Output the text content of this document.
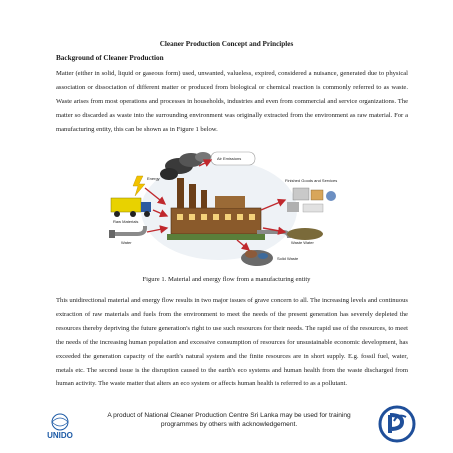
Cleaner Production Concept and Principles
Background of Cleaner Production

Matter (either in solid, liquid or gaseous form) used, unwanted, valueless, expired, considered a nuisance, generated due to physical association or dissociation of different matter or produced from biological or chemical reaction is commonly referred to as waste. Waste arises from most operations and processes in households, industries and even from commercial and service organizations. The matter so discarded as waste into the surrounding environment was originally extracted from the environment as raw material. For a manufacturing entity, this can be shown as in Figure 1 below.

Air Emissions
Energy
Raw Materials
Water
Finished Goods and Services
Waste Water
Solid Waste
Figure 1. Material and energy flow from a manufacturing entity

This unidirectional material and energy flow results in two major issues of grave concern to all. The increasing levels and continuous extraction of raw materials and fuels from the environment to meet the needs of the present generation has severely depleted the resources thereby depriving the future generation's right to use such resources for their needs. The rapid use of the resources, to meet the needs of the increasing human population and excessive consumption of resources for unsustainable economic development, has exceeded the generation capacity of the earth's natural system and the finite resources are in short supply. E.g. fossil fuel, water, metals etc. The second issue is the disruption caused to the earth's eco systems and human health from the waste discharged from human activity. The waste matter that alters an eco system or affects human health is referred to as a pollutant.

UNIDO
A product of National Cleaner Production Centre Sri Lanka may be used for training programmes by others with acknowledgement.
